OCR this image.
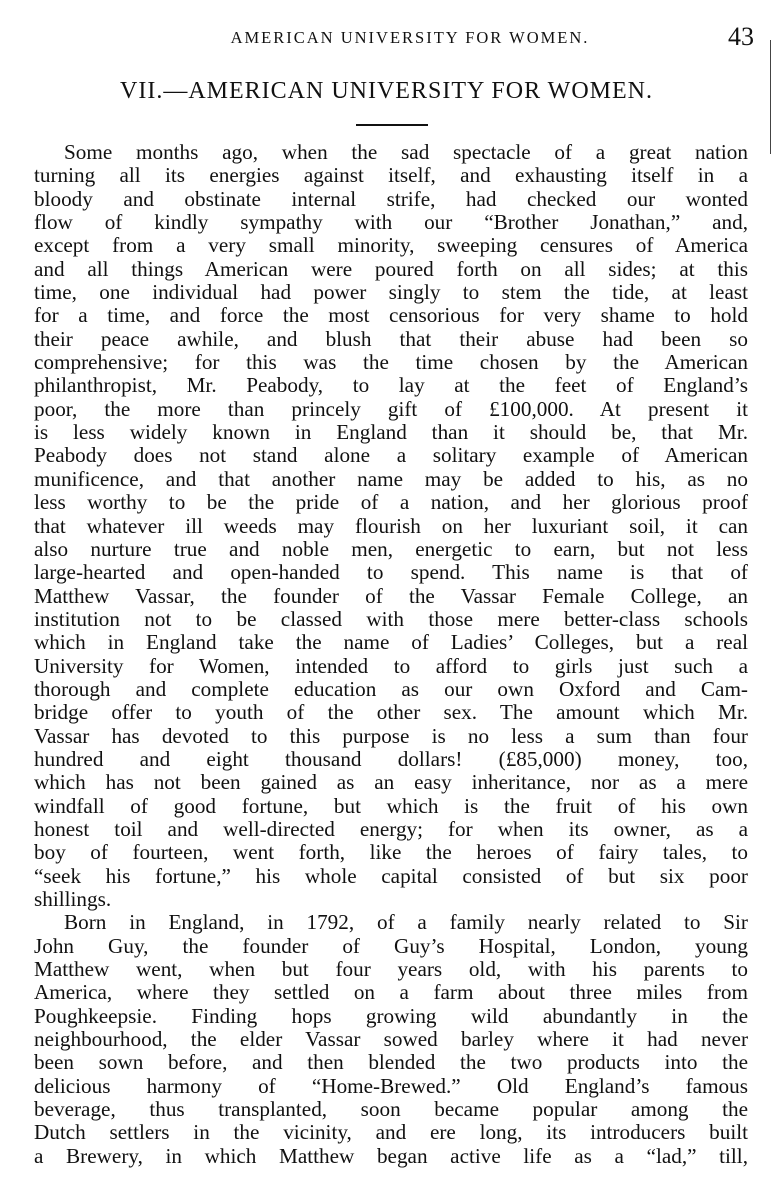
AMERICAN UNIVERSITY FOR WOMEN.	43
VII.—AMERICAN UNIVERSITY FOR WOMEN.
Some months ago, when the sad spectacle of a great nation
turning all its energies against itself, and exhausting itself in a
bloody and obstinate internal strife, had checked our wonted
flow of kindly sympathy with our “Brother Jonathan,” and,
except from a very small minority, sweeping censures of America
and all things American were poured forth on all sides; at this
time, one individual had power singly to stem the tide, at least
for a time, and force the most censorious for very shame to hold
their peace awhile, and blush that their abuse had been so
comprehensive; for this was the time chosen by the American
philanthropist, Mr. Peabody, to lay at the feet of England’s
poor, the more than princely gift of £100,000. At present it
is less widely known in England than it should be, that Mr.
Peabody does not stand alone a solitary example of American
munificence, and that another name may be added to his, as no
less worthy to be the pride of a nation, and her glorious proof
that whatever ill weeds may flourish on her luxuriant soil, it can
also nurture true and noble men, energetic to earn, but not less
large-hearted and open-handed to spend. This name is that of
Matthew Vassar, the founder of the Vassar Female College, an
institution not to be classed with those mere better-class schools
which in England take the name of Ladies’ Colleges, but a real
University for Women, intended to afford to girls just such a
thorough and complete education as our own Oxford and Cam-
bridge offer to youth of the other sex. The amount which Mr.
Vassar has devoted to this purpose is no less a sum than four
hundred and eight thousand dollars! (£85,000) money, too,
which has not been gained as an easy inheritance, nor as a mere
windfall of good fortune, but which is the fruit of his own
honest toil and well-directed energy; for when its owner, as a
boy of fourteen, went forth, like the heroes of fairy tales, to
“seek his fortune,” his whole capital consisted of but six poor
shillings.
Born in England, in 1792, of a family nearly related to Sir
John Guy, the founder of Guy’s Hospital, London, young
Matthew went, when but four years old, with his parents to
America, where they settled on a farm about three miles from
Poughkeepsie. Finding hops growing wild abundantly in the
neighbourhood, the elder Vassar sowed barley where it had never
been sown before, and then blended the two products into the
delicious harmony of “Home-Brewed.” Old England’s famous
beverage, thus transplanted, soon became popular among the
Dutch settlers in the vicinity, and ere long, its introducers built
a Brewery, in which Matthew began active life as a “lad,” till,
